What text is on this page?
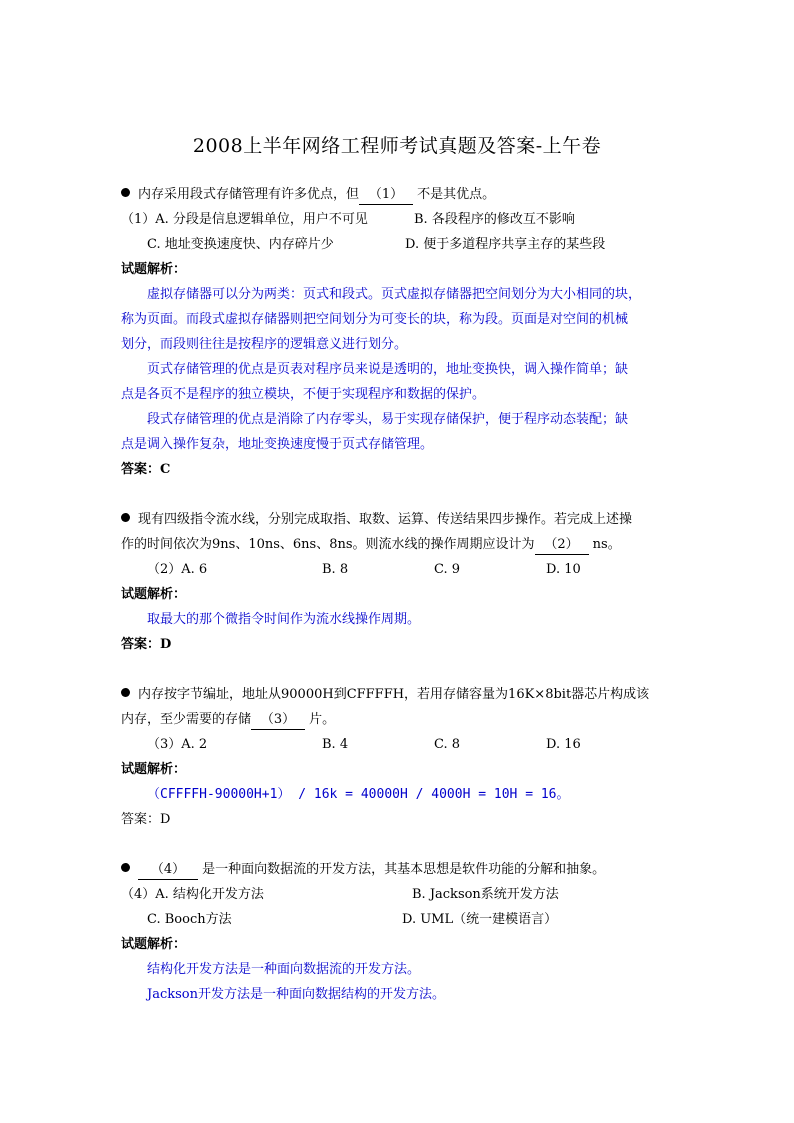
2008上半年网络工程师考试真题及答案-上午卷
内存采用段式存储管理有许多优点，但 （1） 不是其优点。
（1）A. 分段是信息逻辑单位，用户不可见	B. 各段程序的修改互不影响
C. 地址变换速度快、内存碎片少	D. 便于多道程序共享主存的某些段
试题解析：
虚拟存储器可以分为两类：页式和段式。页式虚拟存储器把空间划分为大小相同的块，
称为页面。而段式虚拟存储器则把空间划分为可变长的块，称为段。页面是对空间的机械
划分，而段则往往是按程序的逻辑意义进行划分。
页式存储管理的优点是页表对程序员来说是透明的，地址变换快，调入操作简单；缺
点是各页不是程序的独立模块，不便于实现程序和数据的保护。
段式存储管理的优点是消除了内存零头，易于实现存储保护，便于程序动态装配；缺
点是调入操作复杂，地址变换速度慢于页式存储管理。
答案：C
现有四级指令流水线，分别完成取指、取数、运算、传送结果四步操作。若完成上述操
作的时间依次为9ns、10ns、6ns、8ns。则流水线的操作周期应设计为 （2） ns。
（2）A. 6	B. 8	C. 9	D. 10
试题解析：
取最大的那个微指令时间作为流水线操作周期。
答案：D
内存按字节编址，地址从90000H到CFFFFH，若用存储容量为16K×8bit器芯片构成该
内存，至少需要的存储 （3） 片。
（3）A. 2	B. 4	C. 8	D. 16
试题解析：
（CFFFFH-90000H+1） / 16k = 40000H / 4000H = 10H = 16。
答案：D
（4） 是一种面向数据流的开发方法，其基本思想是软件功能的分解和抽象。
（4）A. 结构化开发方法	B. Jackson系统开发方法
C. Booch方法	D. UML（统一建模语言）
试题解析：
结构化开发方法是一种面向数据流的开发方法。
Jackson开发方法是一种面向数据结构的开发方法。
